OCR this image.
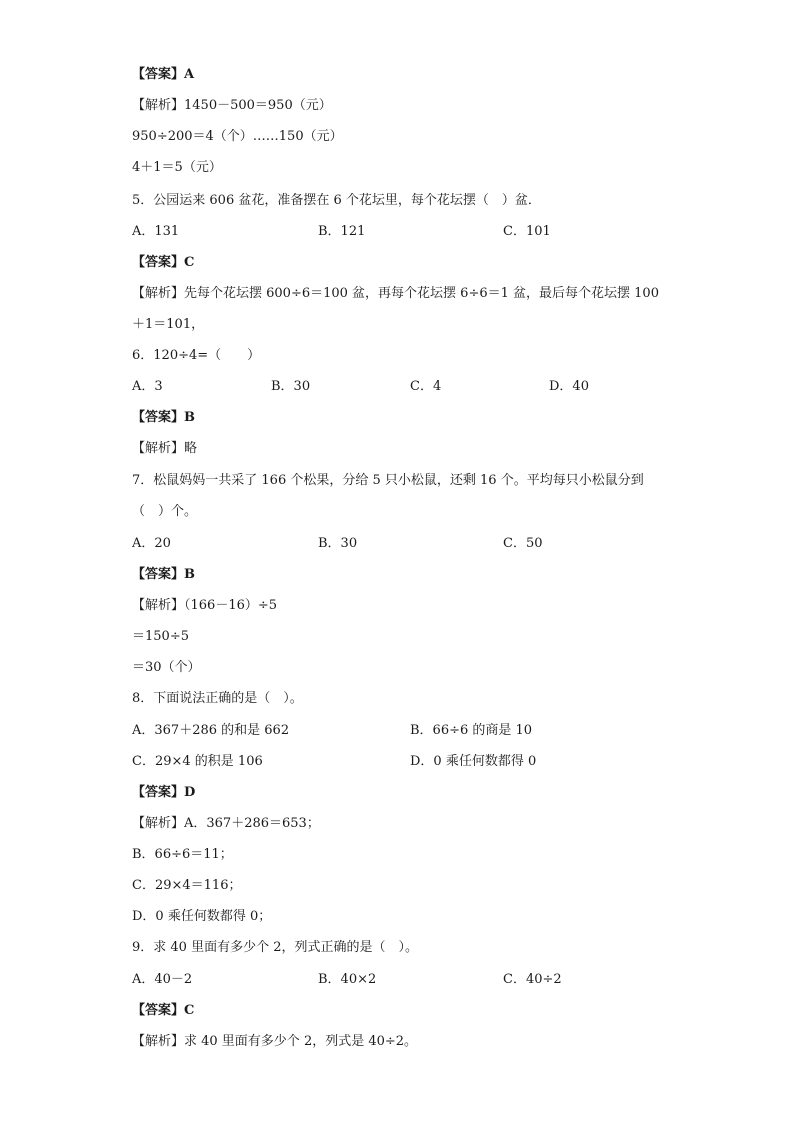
【答案】A
【解析】1450－500＝950（元）
950÷200＝4（个）……150（元）
4＋1＝5（元）
5．公园运来 606 盆花，准备摆在 6 个花坛里，每个花坛摆（　）盆．
A．131	B．121	C．101
【答案】C
【解析】先每个花坛摆 600÷6＝100 盆，再每个花坛摆 6÷6＝1 盆，最后每个花坛摆 100
＋1＝101，
6．120÷4=（　　）
A．3	B．30	C．4	D．40
【答案】B
【解析】略
7．松鼠妈妈一共采了 166 个松果，分给 5 只小松鼠，还剩 16 个。平均每只小松鼠分到
（　）个。
A．20	B．30	C．50
【答案】B
【解析】（166－16）÷5
＝150÷5
＝30（个）
8．下面说法正确的是（　）。
A．367＋286 的和是 662	B．66÷6 的商是 10
C．29×4 的积是 106	D．0 乘任何数都得 0
【答案】D
【解析】A．367＋286＝653；
B．66÷6＝11；
C．29×4＝116；
D．0 乘任何数都得 0；
9．求 40 里面有多少个 2，列式正确的是（　）。
A．40－2	B．40×2	C．40÷2
【答案】C
【解析】求 40 里面有多少个 2，列式是 40÷2。
